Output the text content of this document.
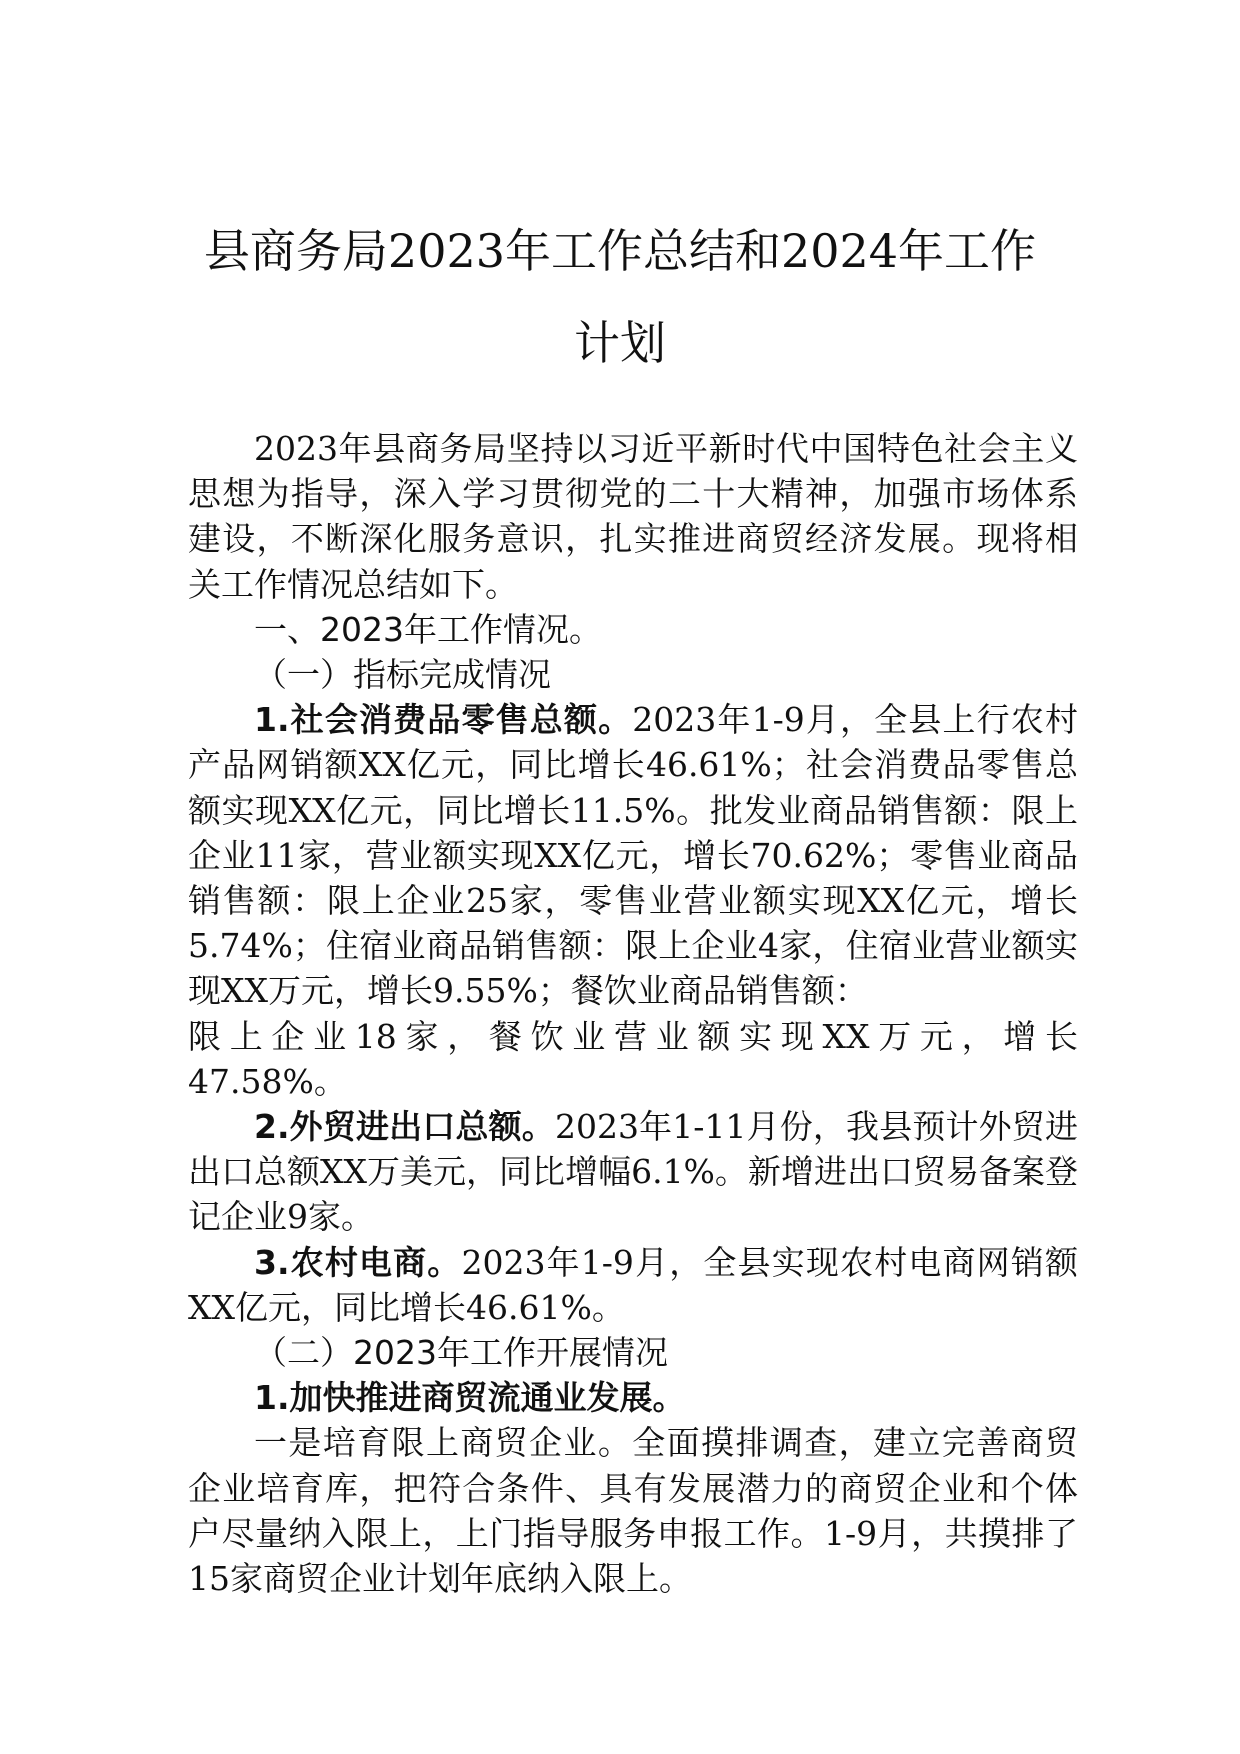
县商务局2023年工作总结和2024年工作计划

2023年县商务局坚持以习近平新时代中国特色社会主义思想为指导，深入学习贯彻党的二十大精神，加强市场体系建设，不断深化服务意识，扎实推进商贸经济发展。现将相关工作情况总结如下。

一、2023年工作情况。

（一）指标完成情况

1.社会消费品零售总额。2023年1-9月，全县上行农村产品网销额XX亿元，同比增长46.61%；社会消费品零售总额实现XX亿元，同比增长11.5%。批发业商品销售额：限上企业11家，营业额实现XX亿元，增长70.62%；零售业商品销售额：限上企业25家，零售业营业额实现XX亿元，增长5.74%；住宿业商品销售额：限上企业4家，住宿业营业额实现XX万元，增长9.55%；餐饮业商品销售额：

限上企业18家，餐饮业营业额实现XX万元，增长

47.58%。

2.外贸进出口总额。2023年1-11月份，我县预计外贸进出口总额XX万美元，同比增幅6.1%。新增进出口贸易备案登记企业9家。

3.农村电商。2023年1-9月，全县实现农村电商网销额XX亿元，同比增长46.61%。

（二）2023年工作开展情况

1.加快推进商贸流通业发展。

一是培育限上商贸企业。全面摸排调查，建立完善商贸企业培育库，把符合条件、具有发展潜力的商贸企业和个体户尽量纳入限上，上门指导服务申报工作。1-9月，共摸排了15家商贸企业计划年底纳入限上。
